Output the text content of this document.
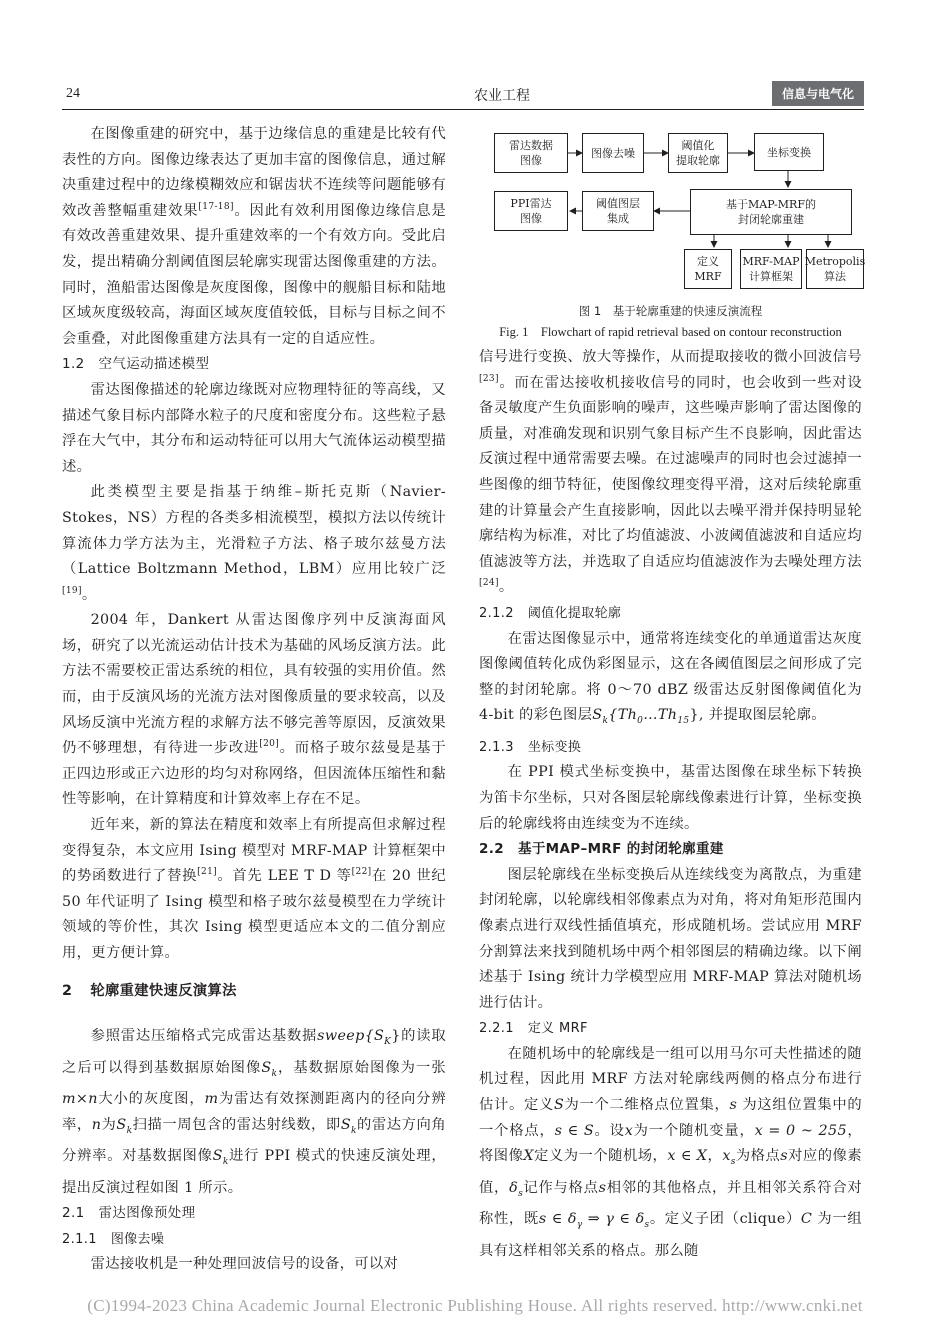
24	农业工程	信息与电气化

在图像重建的研究中，基于边缘信息的重建是比较有代表性的方向。图像边缘表达了更加丰富的图像信息，通过解决重建过程中的边缘模糊效应和锯齿状不连续等问题能够有效改善整幅重建效果[17-18]。因此有效利用图像边缘信息是有效改善重建效果、提升重建效率的一个有效方向。受此启发，提出精确分割阈值图层轮廓实现雷达图像重建的方法。同时，渔船雷达图像是灰度图像，图像中的舰船目标和陆地区域灰度级较高，海面区域灰度值较低，目标与目标之间不会重叠，对此图像重建方法具有一定的自适应性。

1.2 空气运动描述模型

雷达图像描述的轮廓边缘既对应物理特征的等高线，又描述气象目标内部降水粒子的尺度和密度分布。这些粒子悬浮在大气中，其分布和运动特征可以用大气流体运动模型描述。

此类模型主要是指基于纳维–斯托克斯（Navier-Stokes，NS）方程的各类多相流模型，模拟方法以传统计算流体力学方法为主，光滑粒子方法、格子玻尔兹曼方法（Lattice Boltzmann Method，LBM）应用比较广泛[19]。

2004 年，Dankert 从雷达图像序列中反演海面风场，研究了以光流运动估计技术为基础的风场反演方法。此方法不需要校正雷达系统的相位，具有较强的实用价值。然而，由于反演风场的光流方法对图像质量的要求较高，以及风场反演中光流方程的求解方法不够完善等原因，反演效果仍不够理想，有待进一步改进[20]。而格子玻尔兹曼是基于正四边形或正六边形的均匀对称网络，但因流体压缩性和黏性等影响，在计算精度和计算效率上存在不足。

近年来，新的算法在精度和效率上有所提高但求解过程变得复杂，本文应用 Ising 模型对 MRF-MAP 计算框架中的势函数进行了替换[21]。首先 LEE T D 等[22]在 20 世纪 50 年代证明了 Ising 模型和格子玻尔兹曼模型在力学统计领域的等价性，其次 Ising 模型更适应本文的二值分割应用，更方便计算。

2 轮廓重建快速反演算法

参照雷达压缩格式完成雷达基数据$sweep\{S_K\}$的读取之后可以得到基数据原始图像$S_k$，基数据原始图像为一张m×n大小的灰度图，m为雷达有效探测距离内的径向分辨率，n为$S_k$扫描一周包含的雷达射线数，即$S_k$的雷达方向角分辨率。对基数据图像$S_k$进行 PPI 模式的快速反演处理，提出反演过程如图 1 所示。

2.1 雷达图像预处理
2.1.1 图像去噪

雷达接收机是一种处理回波信号的设备，可以对

雷达数据
图像
图像去噪
阈值化
提取轮廓
坐标变换
PPI雷达
图像
阈值图层
集成
基于MAP-MRF的
封闭轮廓重建
定义
MRF
MRF-MAP
计算框架
Metropolis
算法
图 1　基于轮廓重建的快速反演流程
Fig. 1　Flowchart of rapid retrieval based on contour reconstruction

信号进行变换、放大等操作，从而提取接收的微小回波信号[23]。而在雷达接收机接收信号的同时，也会收到一些对设备灵敏度产生负面影响的噪声，这些噪声影响了雷达图像的质量，对准确发现和识别气象目标产生不良影响，因此雷达反演过程中通常需要去噪。在过滤噪声的同时也会过滤掉一些图像的细节特征，使图像纹理变得平滑，这对后续轮廓重建的计算量会产生直接影响，因此以去噪平滑并保持明显轮廓结构为标准，对比了均值滤波、小波阈值滤波和自适应均值滤波等方法，并选取了自适应均值滤波作为去噪处理方法[24]。

2.1.2 阈值化提取轮廓

在雷达图像显示中，通常将连续变化的单通道雷达灰度图像阈值转化成伪彩图显示，这在各阈值图层之间形成了完整的封闭轮廓。将 0～70 dBZ 级雷达反射图像阈值化为 4-bit 的彩色图层$S_k\{Th_0\dots Th_{15}\}$, 并提取图层轮廓。

2.1.3 坐标变换

在 PPI 模式坐标变换中，基雷达图像在球坐标下转换为笛卡尔坐标，只对各图层轮廓线像素进行计算，坐标变换后的轮廓线将由连续变为不连续。

2.2 基于MAP–MRF 的封闭轮廓重建

图层轮廓线在坐标变换后从连续线变为离散点，为重建封闭轮廓，以轮廓线相邻像素点为对角，将对角矩形范围内像素点进行双线性插值填充，形成随机场。尝试应用 MRF 分割算法来找到随机场中两个相邻图层的精确边缘。以下阐述基于 Ising 统计力学模型应用 MRF-MAP 算法对随机场进行估计。

2.2.1 定义 MRF

在随机场中的轮廓线是一组可以用马尔可夫性描述的随机过程，因此用 MRF 方法对轮廓线两侧的格点分布进行估计。定义S为一个二维格点位置集，s 为这组位置集中的一个格点，s ∈ S。设x为一个随机变量，x = 0 ~ 255，将图像X定义为一个随机场，x ∈ X，$x_s$为格点s对应的像素值，$\delta_s$记作与格点s相邻的其他格点，并且相邻关系符合对称性，既s ∈ $\delta_\gamma$ ⇒ γ ∈ $\delta_s$。定义子团（clique）C 为一组具有这样相邻关系的格点。那么随

(C)1994-2023 China Academic Journal Electronic Publishing House. All rights reserved. http://www.cnki.net
